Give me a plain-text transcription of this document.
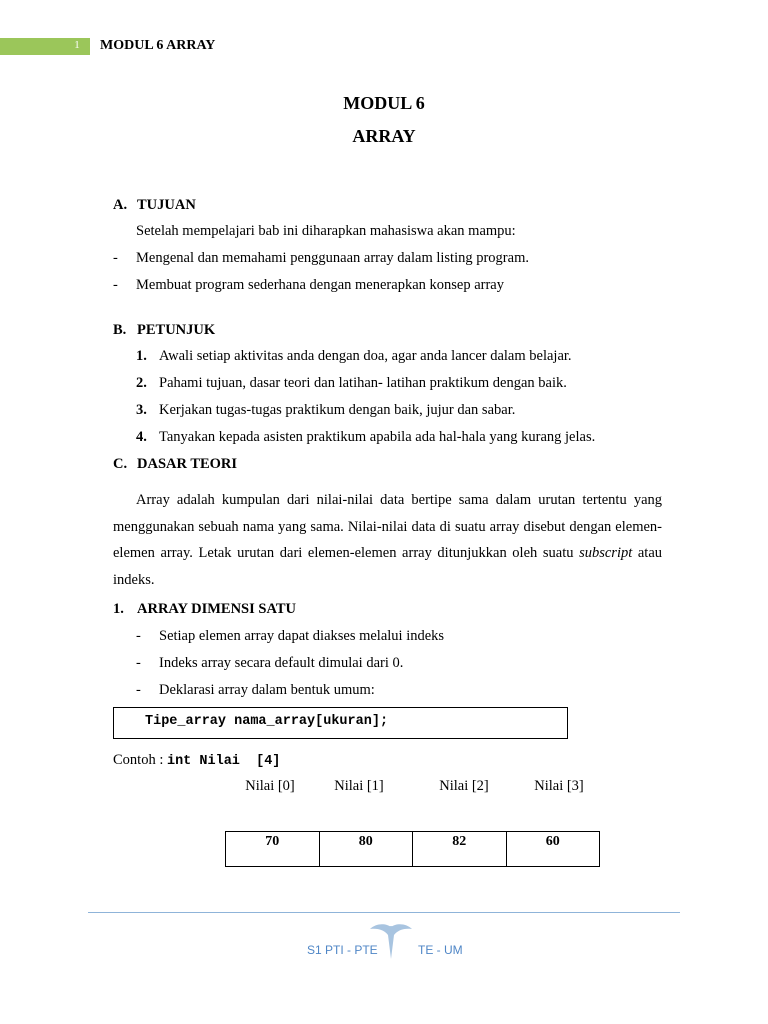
1 MODUL 6 ARRAY
MODUL 6
ARRAY
A. TUJUAN
Setelah mempelajari bab ini diharapkan mahasiswa akan mampu:
- Mengenal dan memahami penggunaan array dalam listing program.
- Membuat program sederhana dengan menerapkan konsep array
B. PETUNJUK
1. Awali setiap aktivitas anda dengan doa, agar anda lancer dalam belajar.
2. Pahami tujuan, dasar teori dan latihan- latihan praktikum dengan baik.
3. Kerjakan tugas-tugas praktikum dengan baik, jujur dan sabar.
4. Tanyakan kepada asisten praktikum apabila ada hal-hala yang kurang jelas.
C. DASAR TEORI
Array adalah kumpulan dari nilai-nilai data bertipe sama dalam urutan tertentu yang menggunakan sebuah nama yang sama. Nilai-nilai data di suatu array disebut dengan elemen-elemen array. Letak urutan dari elemen-elemen array ditunjukkan oleh suatu subscript atau indeks.
1. ARRAY DIMENSI SATU
- Setiap elemen array dapat diakses melalui indeks
- Indeks array secara default dimulai dari 0.
- Deklarasi array dalam bentuk umum:
Tipe_array nama_array[ukuran];
Contoh : int Nilai  [4]
Nilai [0]	Nilai [1]	Nilai [2]	Nilai [3]
70	80	82	60
S1 PTI - PTE	TE - UM
